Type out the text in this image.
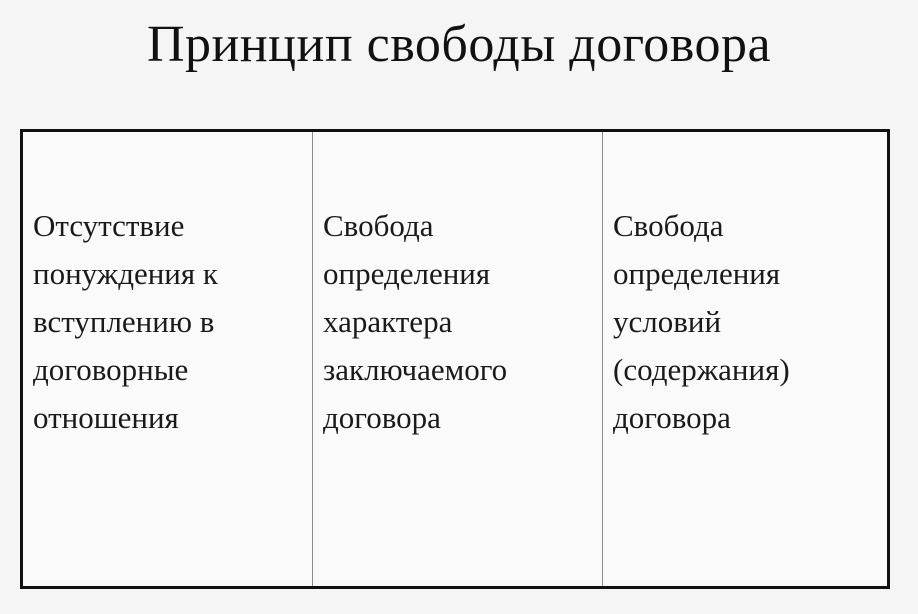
Принцип свободы договора
Отсутствие
понуждения к
вступлению в
договорные
отношения
Свобода
определения
характера
заключаемого
договора
Свобода
определения
условий
(содержания)
договора
